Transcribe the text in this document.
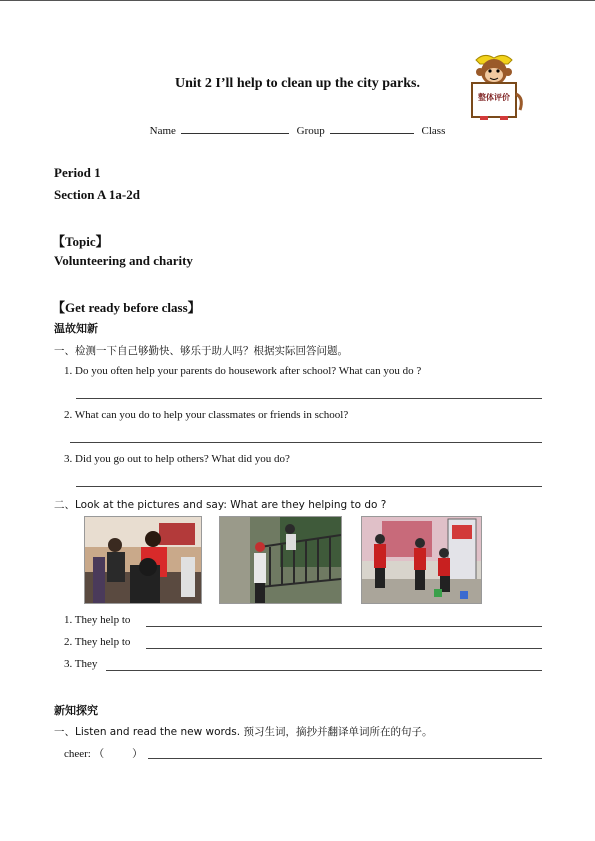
整体评价
Unit 2 I’ll help to clean up the city parks.
Name	Group	Class
Period 1
Section A 1a-2d
【Topic】
Volunteering and charity
【Get ready before class】
温故知新
一、检测一下自己够勤快、够乐于助人吗？根据实际回答问题。
1. Do you often help your parents do housework after school? What can you do ?
2. What can you do to help your classmates or friends in school?
3. Did you go out to help others? What did you do?
二、Look at the pictures and say: What are they helping to do ?
1. They help to
2. They help to
3. They
新知探究
一、Listen and read the new words. 预习生词，摘抄并翻译单词所在的句子。
cheer: （	）
